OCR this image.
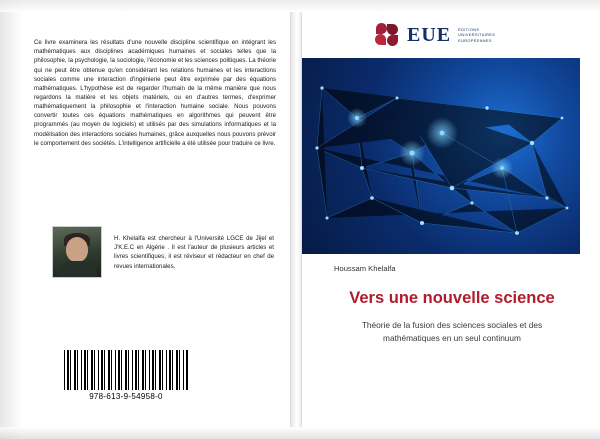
Ce livre examinera les résultats d'une nouvelle discipline scientifique en intégrant les mathématiques aux disciplines académiques humaines et sociales telles que la philosophie, la psychologie, la sociologie, l'économie et les sciences politiques. La théorie qui ne peut être obtenue qu'en considérant les relations humaines et les interactions sociales comme une interaction d'ingénierie peut être exprimée par des équations mathématiques. L'hypothèse est de regarder l'humain de la même manière que nous regardons la matière et les objets matériels, ou en d'autres termes, d'exprimer mathématiquement la philosophie et l'interaction humaine sociale. Nous pouvons convertir toutes ces équations mathématiques en algorithmes qui peuvent être programmés (au moyen de logiciels) et utilisés par des simulations informatiques et la modélisation des interactions sociales humaines, grâce auxquelles nous pouvons prévoir le comportement des sociétés. L'intelligence artificielle a été utilisée pour traduire ce livre.

H. Khelalfa est chercheur à l'Université LGCE de Jijel et J'K.E.C en Algérie . Il est l'auteur de plusieurs articles et livres scientifiques, il est réviseur et rédacteur en chef de revues internationales.

978-613-9-54958-0
EUE ÉDITIONS
UNIVERSITAIRES
EUROPÉENNES
Houssam Khelalfa
Vers une nouvelle science

Théorie de la fusion des sciences sociales et des mathématiques en un seul continuum
